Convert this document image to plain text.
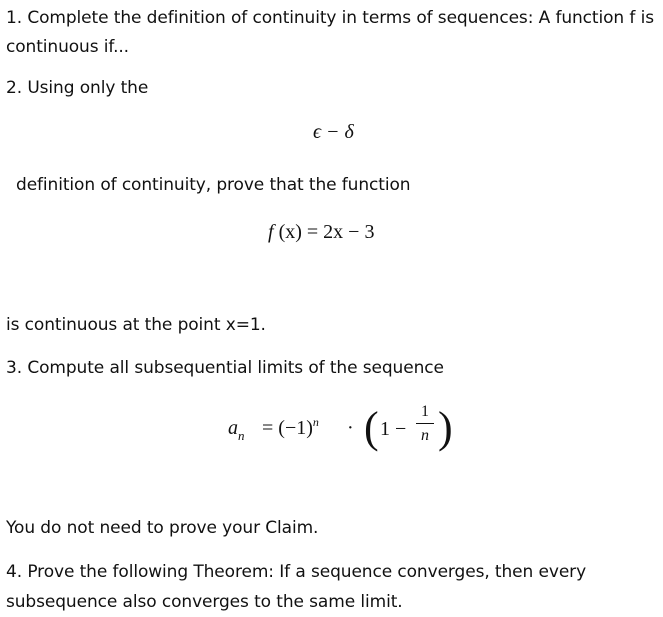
1. Complete the definition of continuity in terms of sequences: A function f is
continuous if...
2. Using only the
ϵ − δ
definition of continuity, prove that the function
f (x) = 2x − 3
is continuous at the point x=1.
3. Compute all subsequential limits of the sequence
$a_n = (-1)^n$ · ( 1 −
1
n )
You do not need to prove your Claim.
4. Prove the following Theorem: If a sequence converges, then every
subsequence also converges to the same limit.
